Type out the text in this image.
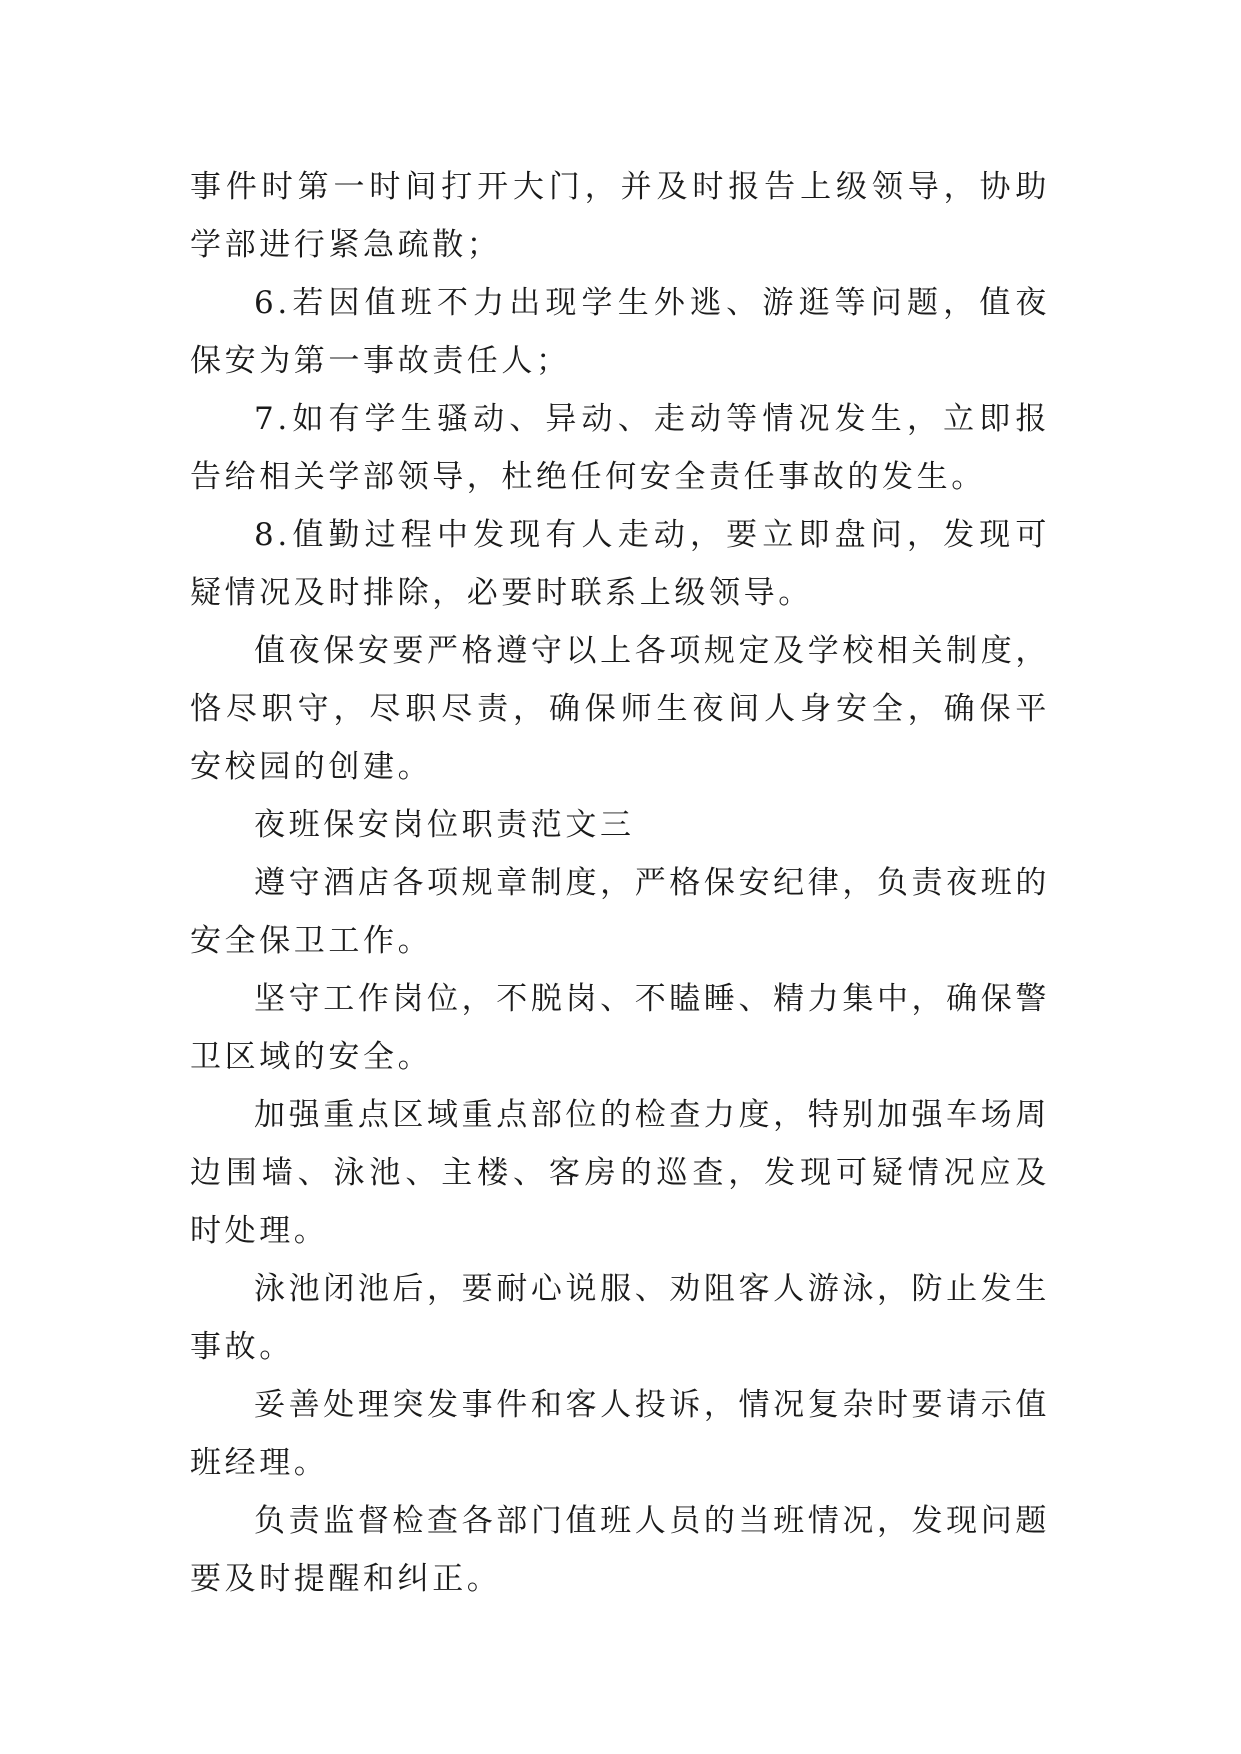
事件时第一时间打开大门，并及时报告上级领导，协助学部进行紧急疏散；

6.若因值班不力出现学生外逃、游逛等问题，值夜保安为第一事故责任人；

7.如有学生骚动、异动、走动等情况发生，立即报告给相关学部领导，杜绝任何安全责任事故的发生。

8.值勤过程中发现有人走动，要立即盘问，发现可疑情况及时排除，必要时联系上级领导。

值夜保安要严格遵守以上各项规定及学校相关制度，恪尽职守，尽职尽责，确保师生夜间人身安全，确保平安校园的创建。

夜班保安岗位职责范文三

遵守酒店各项规章制度，严格保安纪律，负责夜班的安全保卫工作。

坚守工作岗位，不脱岗、不瞌睡、精力集中，确保警卫区域的安全。

加强重点区域重点部位的检查力度，特别加强车场周边围墙、泳池、主楼、客房的巡查，发现可疑情况应及时处理。

泳池闭池后，要耐心说服、劝阻客人游泳，防止发生事故。

妥善处理突发事件和客人投诉，情况复杂时要请示值班经理。

负责监督检查各部门值班人员的当班情况，发现问题要及时提醒和纠正。
